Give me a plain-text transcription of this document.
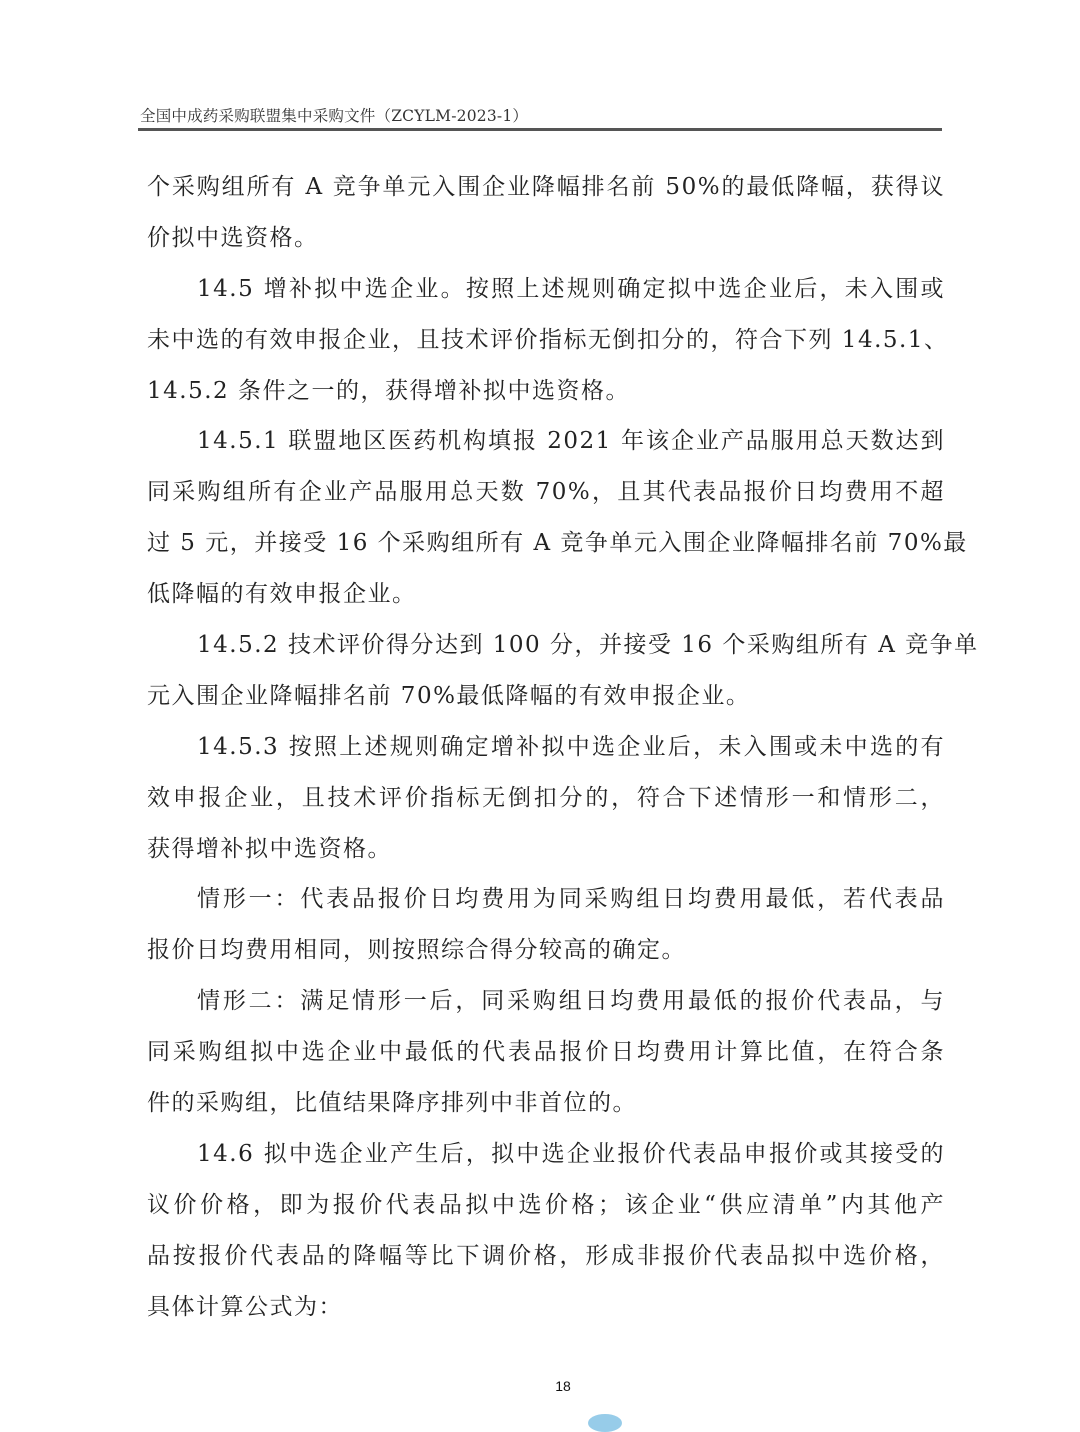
全国中成药采购联盟集中采购文件（ZCYLM-2023-1）
个采购组所有 A 竞争单元入围企业降幅排名前 50%的最低降幅，获得议
价拟中选资格。
14.5 增补拟中选企业。按照上述规则确定拟中选企业后，未入围或
未中选的有效申报企业，且技术评价指标无倒扣分的，符合下列 14.5.1、
14.5.2 条件之一的，获得增补拟中选资格。
14.5.1 联盟地区医药机构填报 2021 年该企业产品服用总天数达到
同采购组所有企业产品服用总天数 70%，且其代表品报价日均费用不超
过 5 元，并接受 16 个采购组所有 A 竞争单元入围企业降幅排名前 70%最
低降幅的有效申报企业。
14.5.2 技术评价得分达到 100 分，并接受 16 个采购组所有 A 竞争单
元入围企业降幅排名前 70%最低降幅的有效申报企业。
14.5.3 按照上述规则确定增补拟中选企业后，未入围或未中选的有
效申报企业，且技术评价指标无倒扣分的，符合下述情形一和情形二，
获得增补拟中选资格。
情形一：代表品报价日均费用为同采购组日均费用最低，若代表品
报价日均费用相同，则按照综合得分较高的确定。
情形二：满足情形一后，同采购组日均费用最低的报价代表品，与
同采购组拟中选企业中最低的代表品报价日均费用计算比值，在符合条
件的采购组，比值结果降序排列中非首位的。
14.6 拟中选企业产生后，拟中选企业报价代表品申报价或其接受的
议价价格，即为报价代表品拟中选价格；该企业“供应清单”内其他产
品按报价代表品的降幅等比下调价格，形成非报价代表品拟中选价格，
具体计算公式为：
18
